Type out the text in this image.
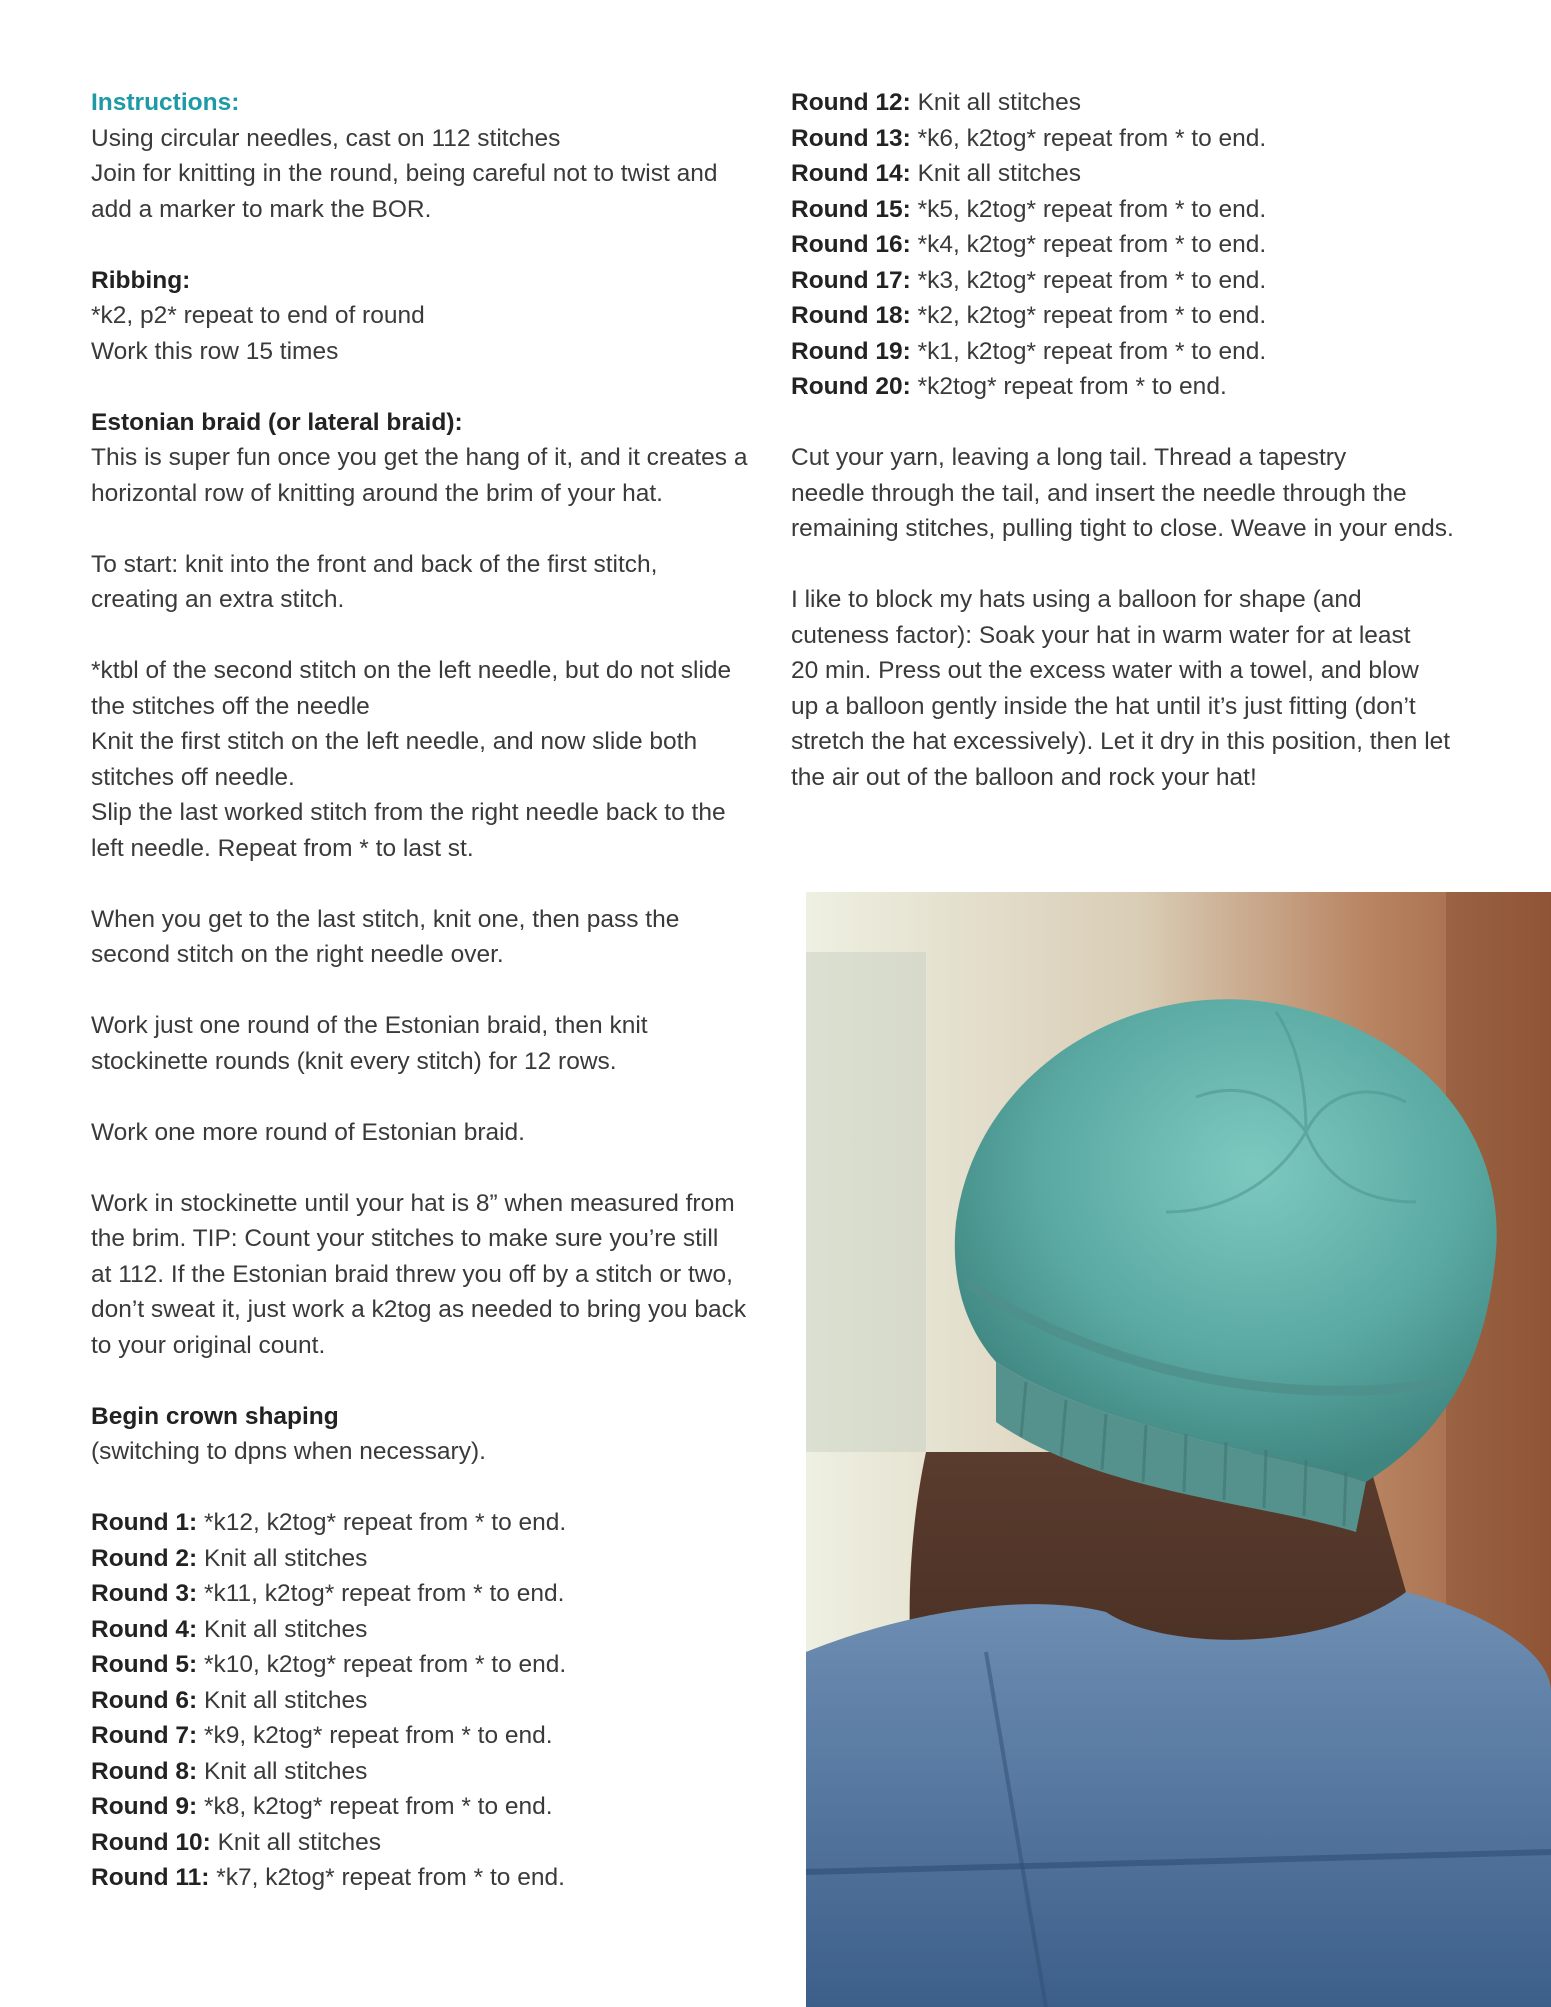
Instructions:

Using circular needles, cast on 112 stitches

Join for knitting in the round, being careful not to twist and

add a marker to mark the BOR.

Ribbing:

*k2, p2* repeat to end of round

Work this row 15 times

Estonian braid (or lateral braid):

This is super fun once you get the hang of it, and it creates a

horizontal row of knitting around the brim of your hat.

To start: knit into the front and back of the first stitch,

creating an extra stitch.

*ktbl of the second stitch on the left needle, but do not slide

the stitches off the needle

Knit the first stitch on the left needle, and now slide both

stitches off needle.

Slip the last worked stitch from the right needle back to the

left needle. Repeat from * to last st.

When you get to the last stitch, knit one, then pass the

second stitch on the right needle over.

Work just one round of the Estonian braid, then knit

stockinette rounds (knit every stitch) for 12 rows.

Work one more round of Estonian braid.

Work in stockinette until your hat is 8” when measured from

the brim. TIP: Count your stitches to make sure you’re still

at 112. If the Estonian braid threw you off by a stitch or two,

don’t sweat it, just work a k2tog as needed to bring you back

to your original count.

Begin crown shaping

(switching to dpns when necessary).

Round 1: *k12, k2tog* repeat from * to end.

Round 2: Knit all stitches

Round 3: *k11, k2tog* repeat from * to end.

Round 4: Knit all stitches

Round 5: *k10, k2tog* repeat from * to end.

Round 6: Knit all stitches

Round 7: *k9, k2tog* repeat from * to end.

Round 8: Knit all stitches

Round 9: *k8, k2tog* repeat from * to end.

Round 10: Knit all stitches

Round 11: *k7, k2tog* repeat from * to end.

Round 12: Knit all stitches

Round 13: *k6, k2tog* repeat from * to end.

Round 14: Knit all stitches

Round 15: *k5, k2tog* repeat from * to end.

Round 16: *k4, k2tog* repeat from * to end.

Round 17: *k3, k2tog* repeat from * to end.

Round 18: *k2, k2tog* repeat from * to end.

Round 19: *k1, k2tog* repeat from * to end.

Round 20: *k2tog* repeat from * to end.

Cut your yarn, leaving a long tail. Thread a tapestry

needle through the tail, and insert the needle through the

remaining stitches, pulling tight to close. Weave in your ends.

I like to block my hats using a balloon for shape (and

cuteness factor): Soak your hat in warm water for at least

20 min. Press out the excess water with a towel, and blow

up a balloon gently inside the hat until it’s just fitting (don’t

stretch the hat excessively). Let it dry in this position, then let

the air out of the balloon and rock your hat!
